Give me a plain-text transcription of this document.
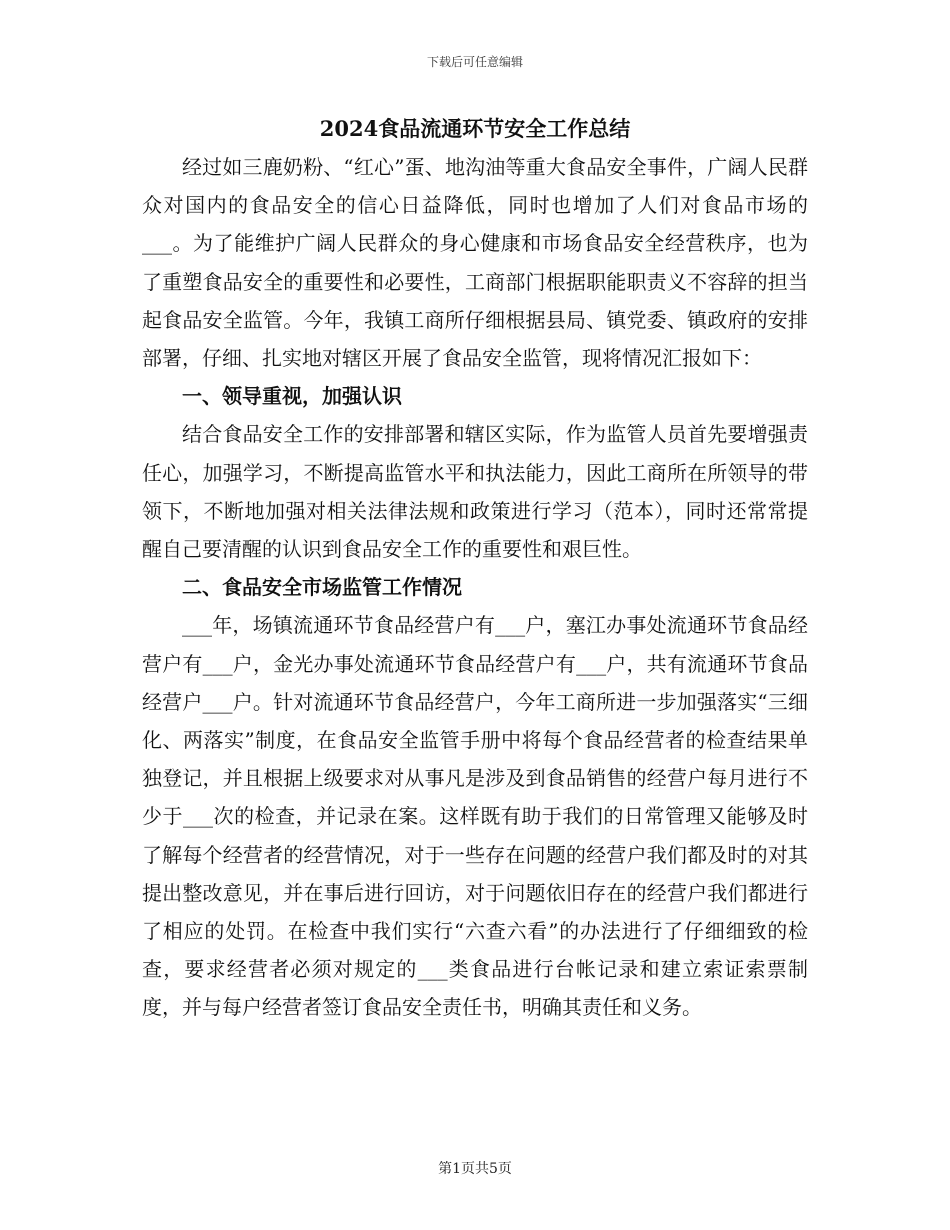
下载后可任意编辑
2024食品流通环节安全工作总结

经过如三鹿奶粉、“红心”蛋、地沟油等重大食品安全事件，广阔人民群众对国内的食品安全的信心日益降低，同时也增加了人们对食品市场的___。为了能维护广阔人民群众的身心健康和市场食品安全经营秩序，也为了重塑食品安全的重要性和必要性，工商部门根据职能职责义不容辞的担当起食品安全监管。今年，我镇工商所仔细根据县局、镇党委、镇政府的安排部署，仔细、扎实地对辖区开展了食品安全监管，现将情况汇报如下：

一、领导重视，加强认识

结合食品安全工作的安排部署和辖区实际，作为监管人员首先要增强责任心，加强学习，不断提高监管水平和执法能力，因此工商所在所领导的带领下，不断地加强对相关法律法规和政策进行学习（范本），同时还常常提醒自己要清醒的认识到食品安全工作的重要性和艰巨性。

二、食品安全市场监管工作情况

___年，场镇流通环节食品经营户有___户，塞江办事处流通环节食品经营户有___户，金光办事处流通环节食品经营户有___户，共有流通环节食品经营户___户。针对流通环节食品经营户，今年工商所进一步加强落实“三细化、两落实”制度，在食品安全监管手册中将每个食品经营者的检查结果单独登记，并且根据上级要求对从事凡是涉及到食品销售的经营户每月进行不少于___次的检查，并记录在案。这样既有助于我们的日常管理又能够及时了解每个经营者的经营情况，对于一些存在问题的经营户我们都及时的对其提出整改意见，并在事后进行回访，对于问题依旧存在的经营户我们都进行了相应的处罚。在检查中我们实行“六查六看”的办法进行了仔细细致的检查，要求经营者必须对规定的___类食品进行台帐记录和建立索证索票制度，并与每户经营者签订食品安全责任书，明确其责任和义务。

第1页共5页
